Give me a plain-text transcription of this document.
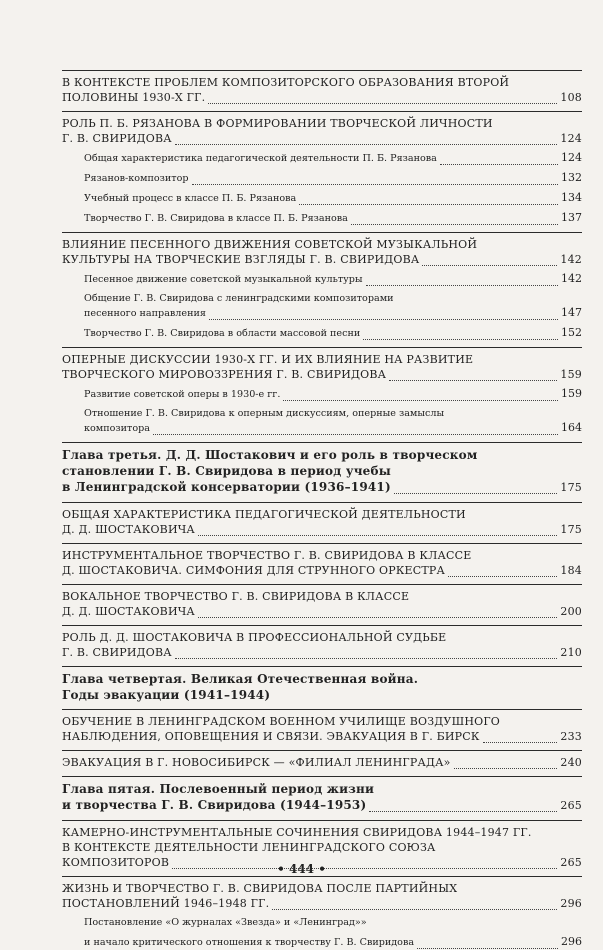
В КОНТЕКСТЕ ПРОБЛЕМ КОМПОЗИТОРСКОГО ОБРАЗОВАНИЯ ВТОРОЙ
ПОЛОВИНЫ 1930-Х ГГ.	108
РОЛЬ П. Б. РЯЗАНОВА В ФОРМИРОВАНИИ ТВОРЧЕСКОЙ ЛИЧНОСТИ
Г. В. СВИРИДОВА	124
Общая характеристика педагогической деятельности П. Б. Рязанова	124
Рязанов-композитор	132
Учебный процесс в классе П. Б. Рязанова	134
Творчество Г. В. Свиридова в классе П. Б. Рязанова	137
ВЛИЯНИЕ ПЕСЕННОГО ДВИЖЕНИЯ СОВЕТСКОЙ МУЗЫКАЛЬНОЙ
КУЛЬТУРЫ НА ТВОРЧЕСКИЕ ВЗГЛЯДЫ Г. В. СВИРИДОВА	142
Песенное движение советской музыкальной культуры	142
Общение Г. В. Свиридова с ленинградскими композиторами
песенного направления	147
Творчество Г. В. Свиридова в области массовой песни	152
ОПЕРНЫЕ ДИСКУССИИ 1930-Х ГГ. И ИХ ВЛИЯНИЕ НА РАЗВИТИЕ
ТВОРЧЕСКОГО МИРОВОЗЗРЕНИЯ Г. В. СВИРИДОВА	159
Развитие советской оперы в 1930-е гг.	159
Отношение Г. В. Свиридова к оперным дискуссиям, оперные замыслы
композитора	164
Глава третья. Д. Д. Шостакович и его роль в творческом
становлении Г. В. Свиридова в период учебы
в Ленинградской консерватории (1936–1941)	175
ОБЩАЯ ХАРАКТЕРИСТИКА ПЕДАГОГИЧЕСКОЙ ДЕЯТЕЛЬНОСТИ
Д. Д. ШОСТАКОВИЧА	175
ИНСТРУМЕНТАЛЬНОЕ ТВОРЧЕСТВО Г. В. СВИРИДОВА В КЛАССЕ
Д. ШОСТАКОВИЧА. СИМФОНИЯ ДЛЯ СТРУННОГО ОРКЕСТРА	184
ВОКАЛЬНОЕ ТВОРЧЕСТВО Г. В. СВИРИДОВА В КЛАССЕ
Д. Д. ШОСТАКОВИЧА	200
РОЛЬ Д. Д. ШОСТАКОВИЧА В ПРОФЕССИОНАЛЬНОЙ СУДЬБЕ
Г. В. СВИРИДОВА	210
Глава четвертая. Великая Отечественная война.
Годы эвакуации (1941–1944)
ОБУЧЕНИЕ В ЛЕНИНГРАДСКОМ ВОЕННОМ УЧИЛИЩЕ ВОЗДУШНОГО
НАБЛЮДЕНИЯ, ОПОВЕЩЕНИЯ И СВЯЗИ. ЭВАКУАЦИЯ В Г. БИРСК	233
ЭВАКУАЦИЯ В Г. НОВОСИБИРСК — «ФИЛИАЛ ЛЕНИНГРАДА»	240
Глава пятая. Послевоенный период жизни
и творчества Г. В. Свиридова (1944–1953)	265
КАМЕРНО-ИНСТРУМЕНТАЛЬНЫЕ СОЧИНЕНИЯ СВИРИДОВА 1944–1947 ГГ.
В КОНТЕКСТЕ ДЕЯТЕЛЬНОСТИ ЛЕНИНГРАДСКОГО СОЮЗА
КОМПОЗИТОРОВ	265
ЖИЗНЬ И ТВОРЧЕСТВО Г. В. СВИРИДОВА ПОСЛЕ ПАРТИЙНЫХ
ПОСТАНОВЛЕНИЙ 1946–1948 ГГ.	296
Постановление «О журналах «Звезда» и «Ленинград»»
и начало критического отношения к творчеству Г. В. Свиридова	296
• 444 •
